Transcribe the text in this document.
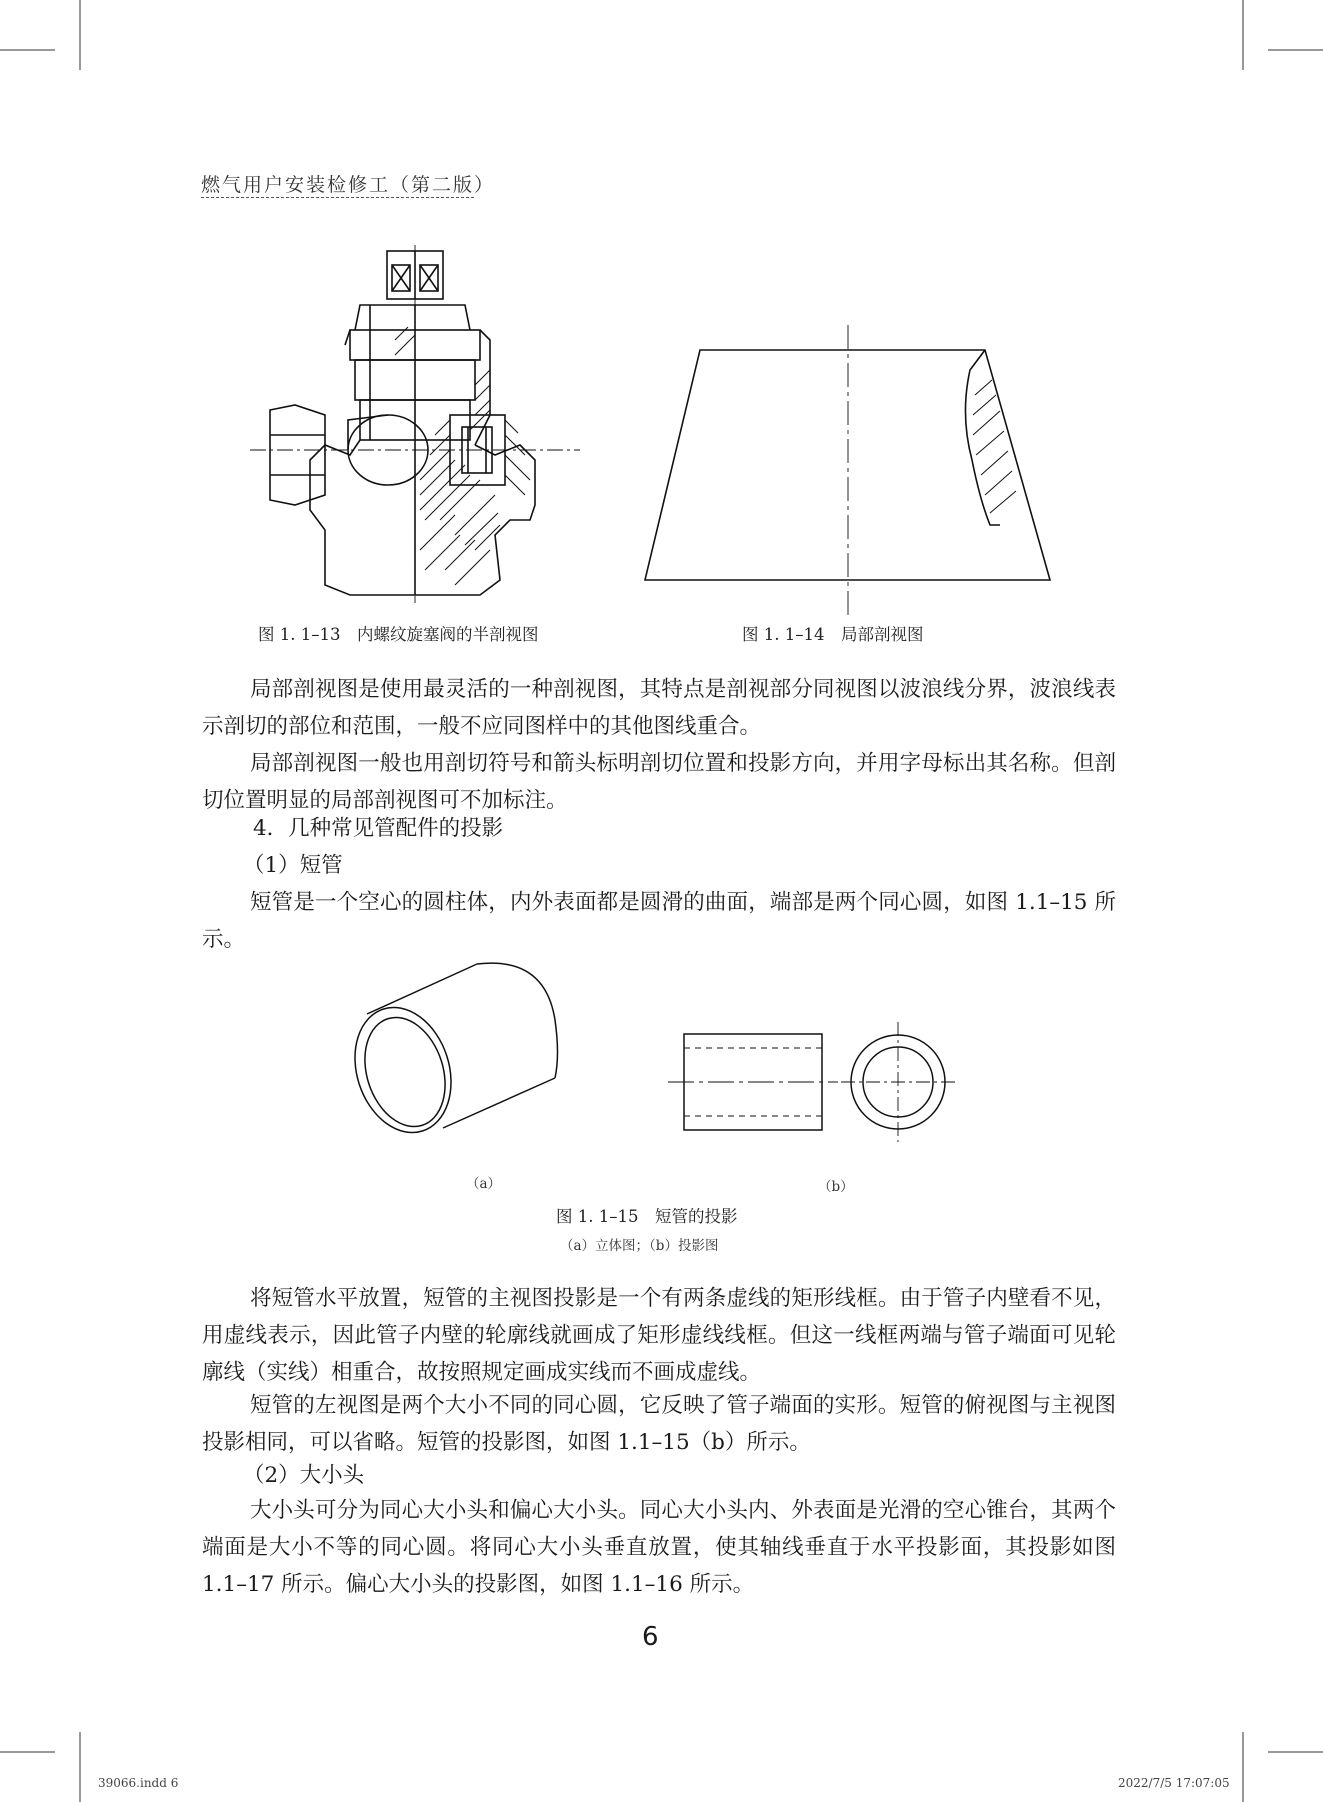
燃气用户安装检修工（第二版）
图 1. 1–13　内螺纹旋塞阀的半剖视图	图 1. 1–14　局部剖视图

局部剖视图是使用最灵活的一种剖视图，其特点是剖视部分同视图以波浪线分界，波浪线表示剖切的部位和范围，一般不应同图样中的其他图线重合。

局部剖视图一般也用剖切符号和箭头标明剖切位置和投影方向，并用字母标出其名称。但剖切位置明显的局部剖视图可不加标注。

4．几种常见管配件的投影
（1）短管

短管是一个空心的圆柱体，内外表面都是圆滑的曲面，端部是两个同心圆，如图 1.1–15 所示。

（a）	（b）
图 1. 1–15　短管的投影
（a）立体图；（b）投影图

将短管水平放置，短管的主视图投影是一个有两条虚线的矩形线框。由于管子内壁看不见，用虚线表示，因此管子内壁的轮廓线就画成了矩形虚线线框。但这一线框两端与管子端面可见轮廓线（实线）相重合，故按照规定画成实线而不画成虚线。

短管的左视图是两个大小不同的同心圆，它反映了管子端面的实形。短管的俯视图与主视图投影相同，可以省略。短管的投影图，如图 1.1–15（b）所示。

（2）大小头

大小头可分为同心大小头和偏心大小头。同心大小头内、外表面是光滑的空心锥台，其两个端面是大小不等的同心圆。将同心大小头垂直放置，使其轴线垂直于水平投影面，其投影如图 1.1–17 所示。偏心大小头的投影图，如图 1.1–16 所示。

6
39066.indd 6	2022/7/5 17:07:05
